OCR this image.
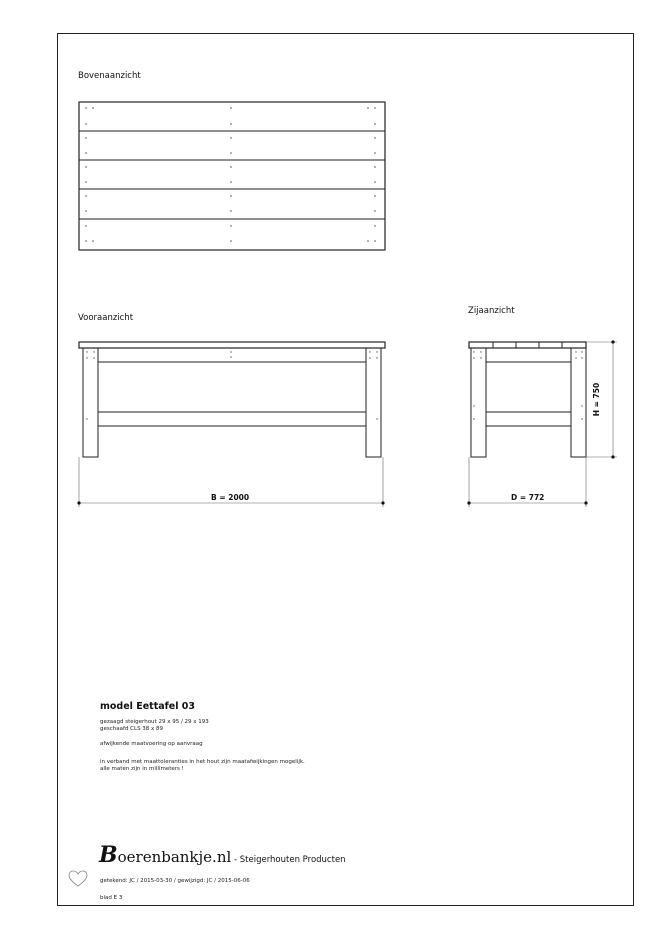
Bovenaanzicht
Vooraanzicht
Zijaanzicht
B = 2000	D = 772
H = 750
model Eettafel 03
gezaagd steigerhout 29 x 95 / 29 x 193
geschaafd CLS 38 x 89
afwijkende maatvoering op aanvraag
in verband met maattoleranties in het hout zijn maatafwijkingen mogelijk.
alle maten zijn in millimeters !
Boerenbankje.nl - Steigerhouten Producten
getekend: JC / 2015-03-30 / gewijzigd: JC / 2015-06-06
blad E 3
